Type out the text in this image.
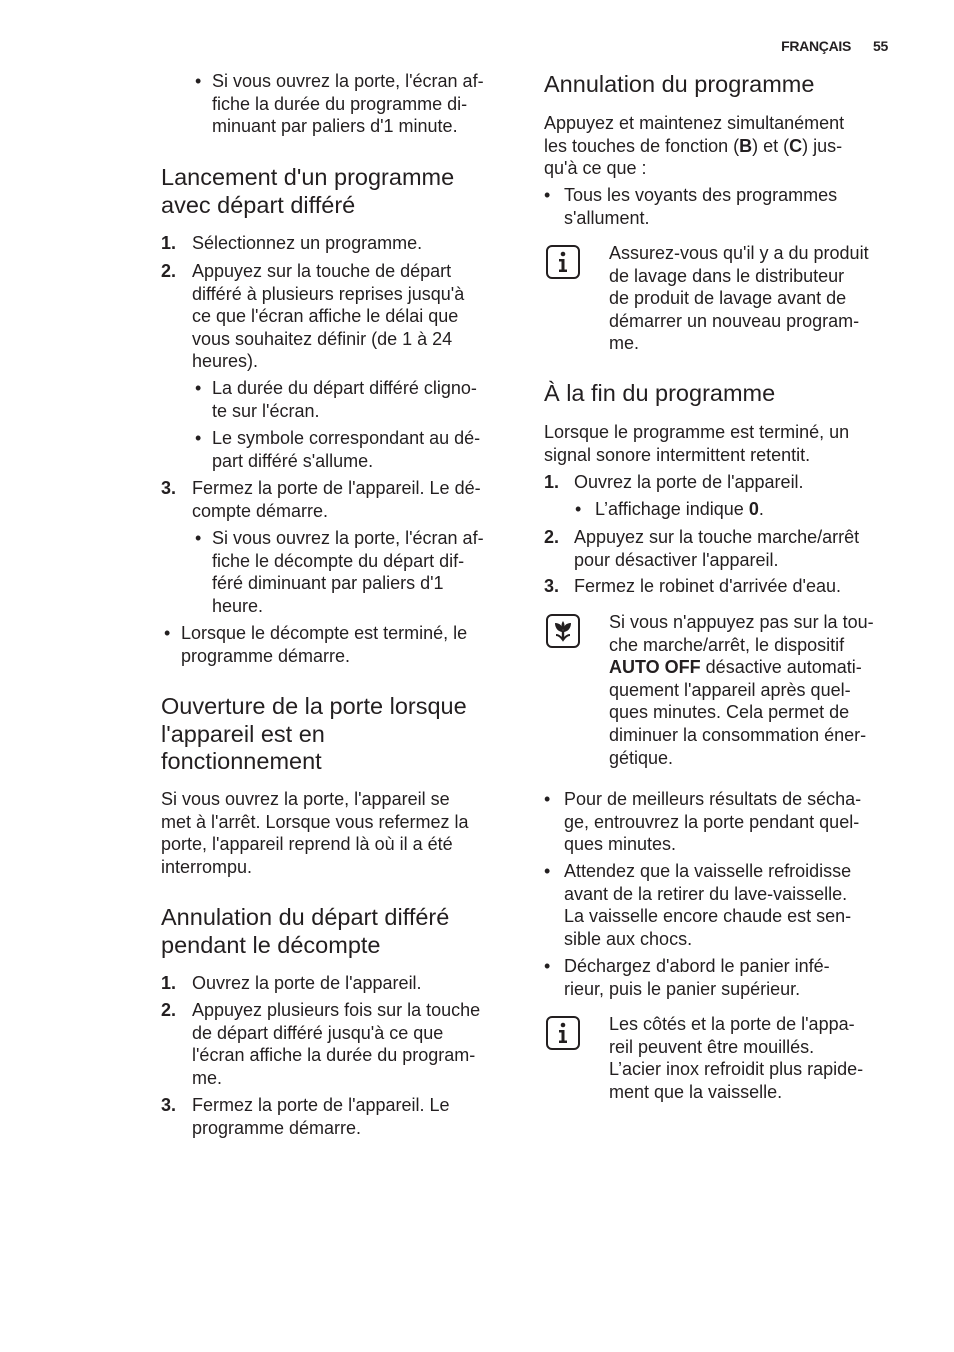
FRANÇAIS 55
• Si vous ouvrez la porte, l'écran af-
fiche la durée du programme di-
minuant par paliers d'1 minute.

Lancement d'un programme
avec départ différé
1. Sélectionnez un programme.

2. Appuyez sur la touche de départ
différé à plusieurs reprises jusqu'à
ce que l'écran affiche le délai que
vous souhaitez définir (de 1 à 24
heures).

• La durée du départ différé cligno-
te sur l'écran.

• Le symbole correspondant au dé-
part différé s'allume.

3. Fermez la porte de l'appareil. Le dé-
compte démarre.

• Si vous ouvrez la porte, l'écran af-
fiche le décompte du départ dif-
féré diminuant par paliers d'1
heure.

• Lorsque le décompte est terminé, le
programme démarre.

Ouverture de la porte lorsque
l'appareil est en
fonctionnement

Si vous ouvrez la porte, l'appareil se
met à l'arrêt. Lorsque vous refermez la
porte, l'appareil reprend là où il a été
interrompu.

Annulation du départ différé
pendant le décompte
1. Ouvrez la porte de l'appareil.

2. Appuyez plusieurs fois sur la touche
de départ différé jusqu'à ce que
l'écran affiche la durée du program-
me.

3. Fermez la porte de l'appareil. Le
programme démarre.

Annulation du programme
Appuyez et maintenez simultanément
les touches de fonction (B) et (C) jus-
qu'à ce que :
• Tous les voyants des programmes
s'allument.

Assurez-vous qu'il y a du produit
de lavage dans le distributeur
de produit de lavage avant de
démarrer un nouveau program-
me.

À la fin du programme

Lorsque le programme est terminé, un
signal sonore intermittent retentit.

1. Ouvrez la porte de l'appareil.

• L’affichage indique 0.
2. Appuyez sur la touche marche/arrêt
pour désactiver l'appareil.

3. Fermez le robinet d'arrivée d'eau.

Si vous n'appuyez pas sur la tou-
che marche/arrêt, le dispositif
AUTO OFF désactive automati-
quement l'appareil après quel-
ques minutes. Cela permet de
diminuer la consommation éner-
gétique.
• Pour de meilleurs résultats de sécha-
ge, entrouvrez la porte pendant quel-
ques minutes.

• Attendez que la vaisselle refroidisse
avant de la retirer du lave-vaisselle.
La vaisselle encore chaude est sen-
sible aux chocs.

• Déchargez d'abord le panier infé-
rieur, puis le panier supérieur.

Les côtés et la porte de l'appa-
reil peuvent être mouillés.
L’acier inox refroidit plus rapide-
ment que la vaisselle.
